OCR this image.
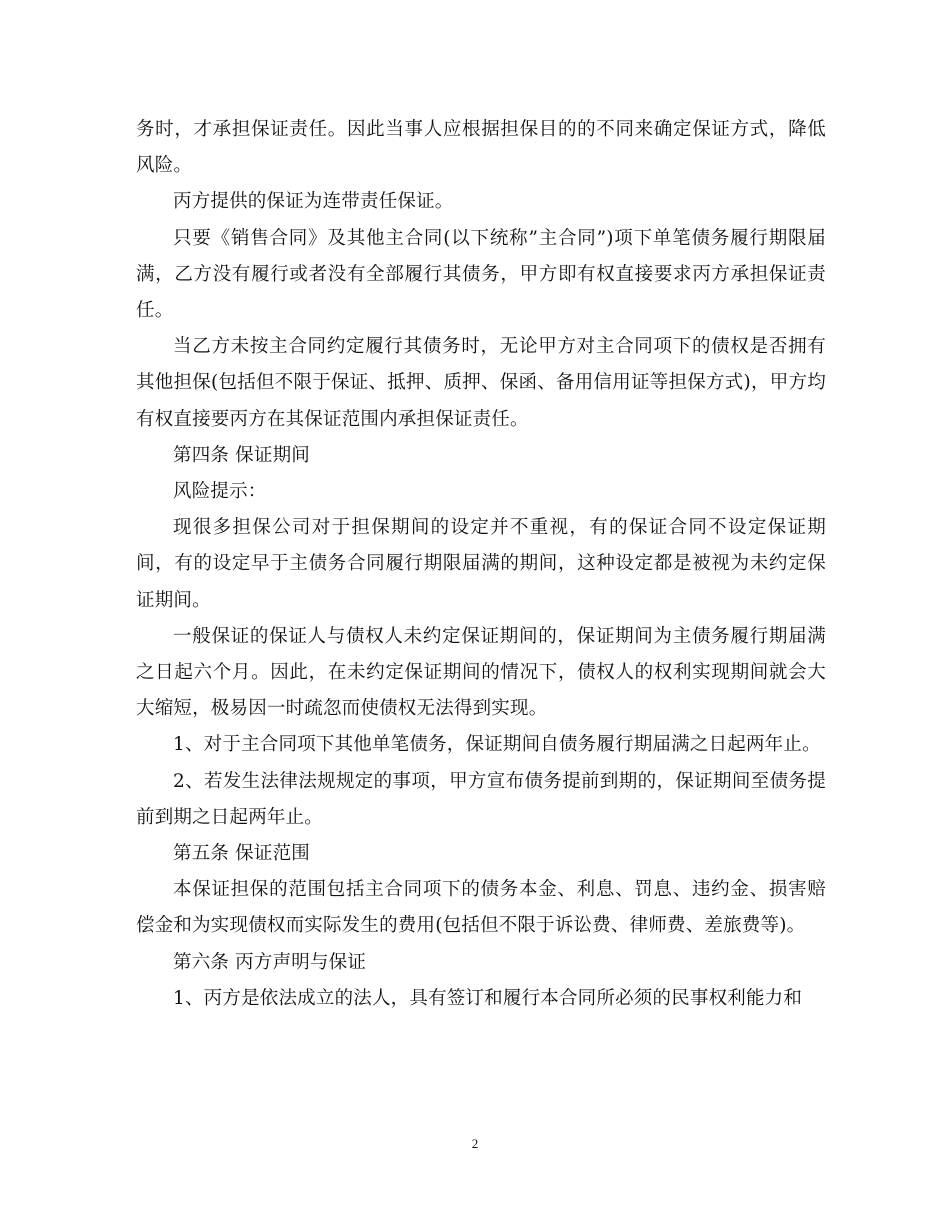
务时，才承担保证责任。因此当事人应根据担保目的的不同来确定保证方式，降低风险。

丙方提供的保证为连带责任保证。

只要《销售合同》及其他主合同(以下统称”主合同”)项下单笔债务履行期限届满，乙方没有履行或者没有全部履行其债务，甲方即有权直接要求丙方承担保证责任。

当乙方未按主合同约定履行其债务时，无论甲方对主合同项下的债权是否拥有其他担保(包括但不限于保证、抵押、质押、保函、备用信用证等担保方式)，甲方均有权直接要丙方在其保证范围内承担保证责任。

第四条 保证期间

风险提示：

现很多担保公司对于担保期间的设定并不重视，有的保证合同不设定保证期间，有的设定早于主债务合同履行期限届满的期间，这种设定都是被视为未约定保证期间。

一般保证的保证人与债权人未约定保证期间的，保证期间为主债务履行期届满之日起六个月。因此，在未约定保证期间的情况下，债权人的权利实现期间就会大大缩短，极易因一时疏忽而使债权无法得到实现。

1、对于主合同项下其他单笔债务，保证期间自债务履行期届满之日起两年止。

2、若发生法律法规规定的事项，甲方宣布债务提前到期的，保证期间至债务提前到期之日起两年止。

第五条 保证范围

本保证担保的范围包括主合同项下的债务本金、利息、罚息、违约金、损害赔偿金和为实现债权而实际发生的费用(包括但不限于诉讼费、律师费、差旅费等)。

第六条 丙方声明与保证

1、丙方是依法成立的法人，具有签订和履行本合同所必须的民事权利能力和

2
